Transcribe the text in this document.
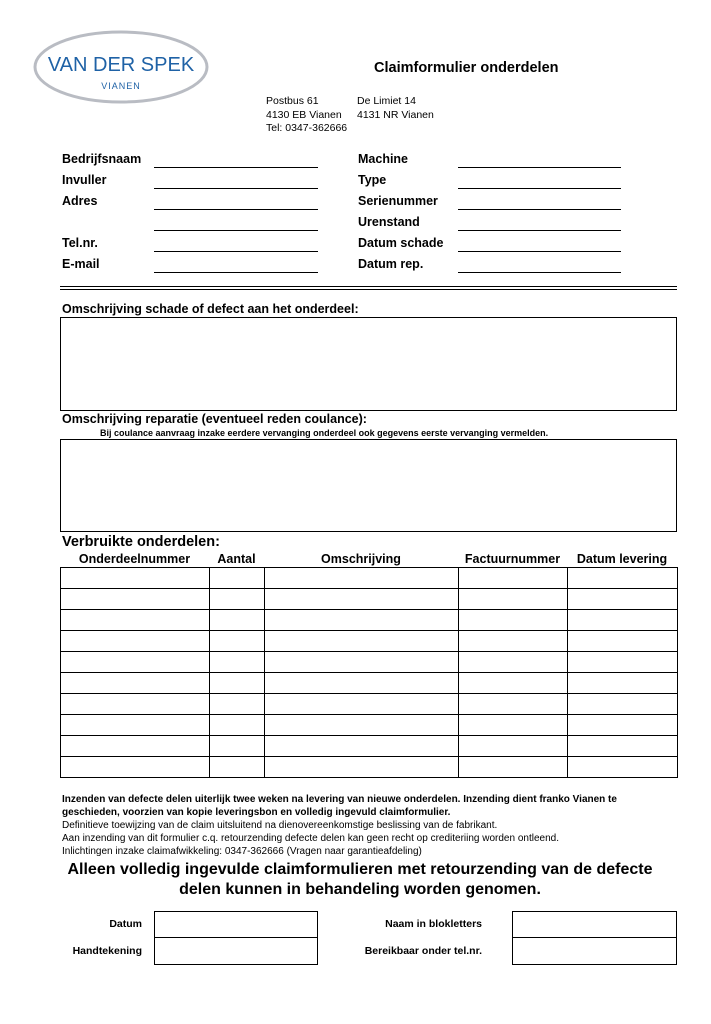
VAN DER SPEK
VIANEN
Claimformulier onderdelen
Postbus 61
4130 EB Vianen
Tel: 0347-362666
De Limiet 14
4131 NR Vianen
Bedrijfsnaam
Invuller
Adres
Tel.nr.
E-mail
Machine
Type
Serienummer
Urenstand
Datum schade
Datum rep.
Omschrijving schade of defect aan het onderdeel:
Omschrijving reparatie (eventueel reden coulance):
Bij coulance aanvraag inzake eerdere vervanging onderdeel ook gegevens eerste vervanging vermelden.
Verbruikte onderdelen:
Onderdeelnummer	Aantal	Omschrijving	Factuurnummer	Datum levering

Inzenden van defecte delen uiterlijk twee weken na levering van nieuwe onderdelen. Inzending dient franko Vianen te
geschieden, voorzien van kopie leveringsbon en volledig ingevuld claimformulier.
Definitieve toewijzing van de claim uitsluitend na dienovereenkomstige beslissing van de fabrikant.
Aan inzending van dit formulier c.q. retourzending defecte delen kan geen recht op crediteriing worden ontleend.
Inlichtingen inzake claimafwikkeling: 0347-362666 (Vragen naar garantieafdeling)
Alleen volledig ingevulde claimformulieren met retourzending van de defecte
delen kunnen in behandeling worden genomen.
Datum
Handtekening
Naam in blokletters
Bereikbaar onder tel.nr.
